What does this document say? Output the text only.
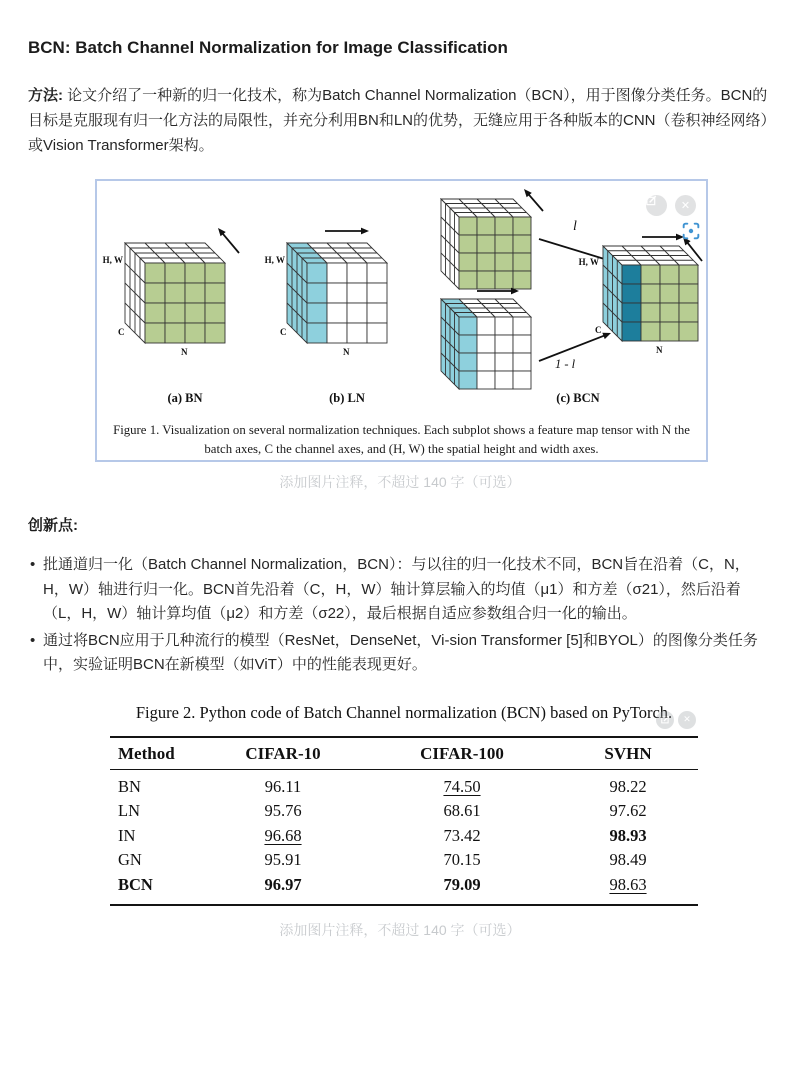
BCN: Batch Channel Normalization for Image Classification

方法: 论文介绍了一种新的归一化技术，称为Batch Channel Normalization（BCN），用于图像分类任务。BCN的目标是克服现有归一化方法的局限性，并充分利用BN和LN的优势，无缝应用于各种版本的CNN（卷积神经网络）或Vision Transformer架构。

H, W
C
N
H, W
C
N
H, W
C
N
l
1 - l
(a) BN	(b) LN	(c) BCN
Figure 1. Visualization on several normalization techniques. Each subplot shows a feature map tensor with N the batch axes, C the channel axes, and (H, W) the spatial height and width axes.
✕
添加图片注释，不超过 140 字（可选）
创新点:
• 批通道归一化（Batch Channel Normalization，BCN）：与以往的归一化技术不同，BCN旨在沿着（C，N，H，W）轴进行归一化。BCN首先沿着（C，H，W）轴计算层输入的均值（μ1）和方差（σ21），然后沿着（L，H，W）轴计算均值（μ2）和方差（σ22），最后根据自适应参数组合归一化的输出。
• 通过将BCN应用于几种流行的模型（ResNet，DenseNet，Vi-sion Transformer [5]和BYOL）的图像分类任务中，实验证明BCN在新模型（如ViT）中的性能表现更好。
Figure 2. Python code of Batch Channel normalization (BCN) based on PyTorch.	✕
Method	CIFAR-10	CIFAR-100	SVHN
BN	96.11	74.50	98.22
LN	95.76	68.61	97.62
IN	96.68	73.42	98.93
GN	95.91	70.15	98.49
BCN	96.97	79.09	98.63
添加图片注释，不超过 140 字（可选）
